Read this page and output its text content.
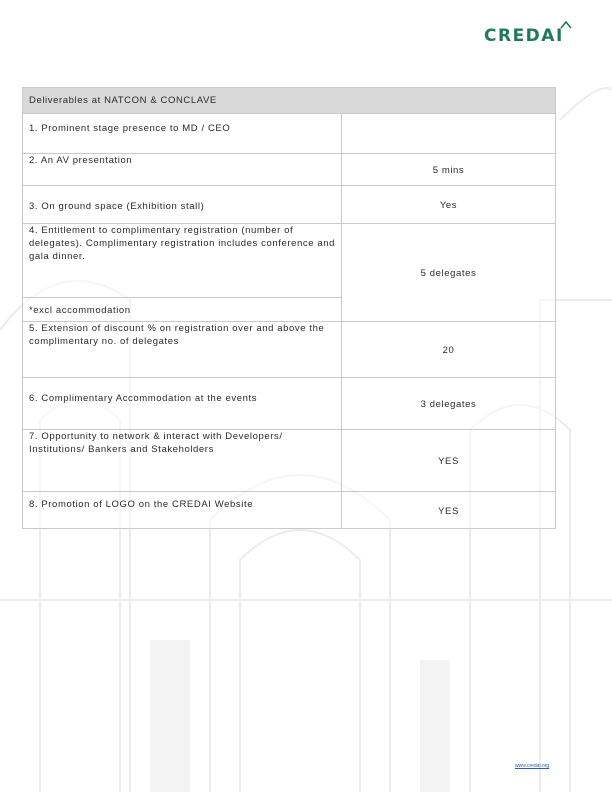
CREDAI
Deliverables at NATCON & CONCLAVE	
1. Prominent stage presence to MD / CEO	
2. An AV presentation	5 mins
3. On ground space (Exhibition stall)	Yes
4. Entitlement to complimentary registration (number of delegates). Complimentary registration includes conference and gala dinner.	5 delegates
*excl accommodation	
5. Extension of discount % on registration over and above the complimentary no. of delegates	20
6. Complimentary Accommodation at the events	3 delegates
7. Opportunity to network & interact with Developers/ Institutions/ Bankers and Stakeholders	YES
8. Promotion of LOGO on the CREDAI Website	YES
www.credai.org
